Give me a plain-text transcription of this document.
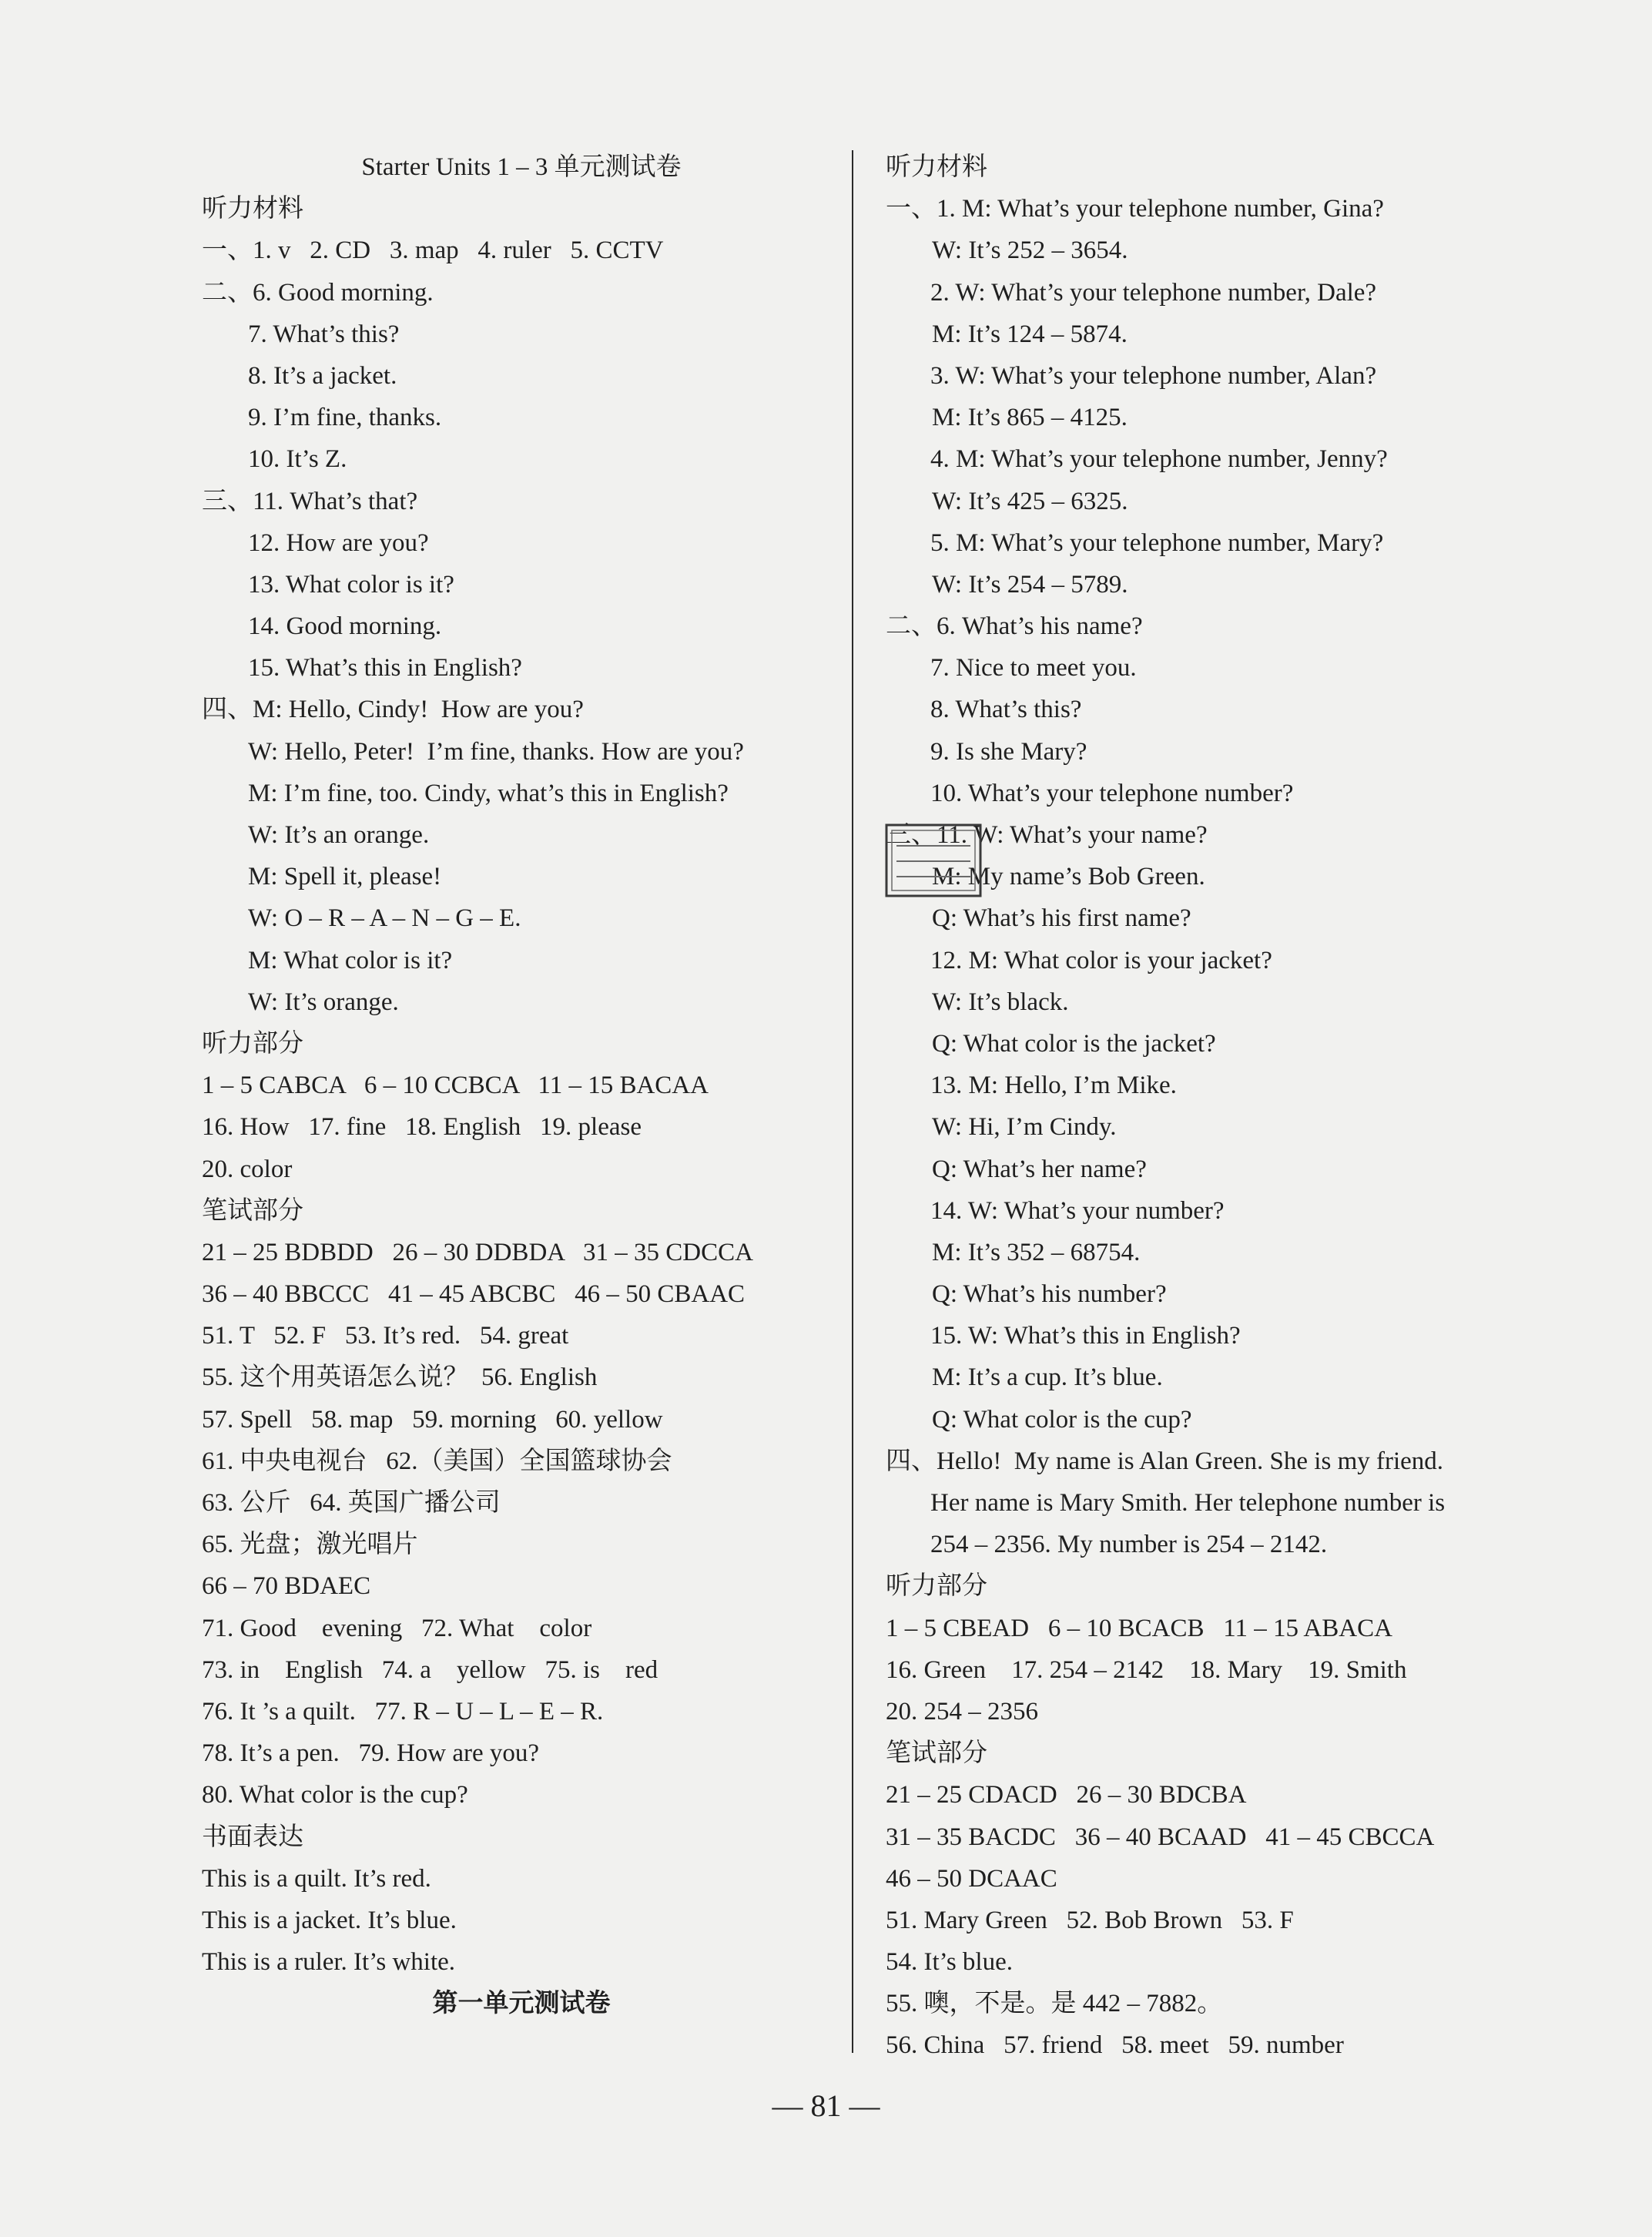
Starter Units 1 – 3 单元测试卷
听力材料
一、1. v   2. CD   3. map   4. ruler   5. CCTV
二、6. Good morning.
7. What’s this?
8. It’s a jacket.
9. I’m fine, thanks.
10. It’s Z.
三、11. What’s that?
12. How are you?
13. What color is it?
14. Good morning.
15. What’s this in English?
四、M: Hello, Cindy!  How are you?
W: Hello, Peter!  I’m fine, thanks. How are you?
M: I’m fine, too. Cindy, what’s this in English?
W: It’s an orange.
M: Spell it, please!
W: O – R – A – N – G – E.
M: What color is it?
W: It’s orange.
听力部分
1 – 5 CABCA   6 – 10 CCBCA   11 – 15 BACAA
16. How   17. fine   18. English   19. please
20. color
笔试部分
21 – 25 BDBDD   26 – 30 DDBDA   31 – 35 CDCCA
36 – 40 BBCCC   41 – 45 ABCBC   46 – 50 CBAAC
51. T   52. F   53. It’s red.   54. great
55. 这个用英语怎么说？  56. English
57. Spell   58. map   59. morning   60. yellow
61. 中央电视台   62.（美国）全国篮球协会
63. 公斤   64. 英国广播公司
65. 光盘；激光唱片
66 – 70 BDAEC
71. Good    evening   72. What    color
73. in    English   74. a    yellow   75. is    red
76. It ’s a quilt.   77. R – U – L – E – R.
78. It’s a pen.   79. How are you?
80. What color is the cup?
书面表达
This is a quilt. It’s red.
This is a jacket. It’s blue.
This is a ruler. It’s white.
第一单元测试卷
听力材料
一、1. M: What’s your telephone number, Gina?
W: It’s 252 – 3654.
2. W: What’s your telephone number, Dale?
M: It’s 124 – 5874.
3. W: What’s your telephone number, Alan?
M: It’s 865 – 4125.
4. M: What’s your telephone number, Jenny?
W: It’s 425 – 6325.
5. M: What’s your telephone number, Mary?
W: It’s 254 – 5789.
二、6. What’s his name?
7. Nice to meet you.
8. What’s this?
9. Is she Mary?
10. What’s your telephone number?
三、11. W: What’s your name?
M: My name’s Bob Green.
Q: What’s his first name?
12. M: What color is your jacket?
W: It’s black.
Q: What color is the jacket?
13. M: Hello, I’m Mike.
W: Hi, I’m Cindy.
Q: What’s her name?
14. W: What’s your number?
M: It’s 352 – 68754.
Q: What’s his number?
15. W: What’s this in English?
M: It’s a cup. It’s blue.
Q: What color is the cup?
四、Hello!  My name is Alan Green. She is my friend.
Her name is Mary Smith. Her telephone number is
254 – 2356. My number is 254 – 2142.
听力部分
1 – 5 CBEAD   6 – 10 BCACB   11 – 15 ABACA
16. Green    17. 254 – 2142    18. Mary    19. Smith
20. 254 – 2356
笔试部分
21 – 25 CDACD   26 – 30 BDCBA
31 – 35 BACDC   36 – 40 BCAAD   41 – 45 CBCCA
46 – 50 DCAAC
51. Mary Green   52. Bob Brown   53. F
54. It’s blue.
55. 噢，不是。是 442 – 7882。
56. China   57. friend   58. meet   59. number
— 81 —
